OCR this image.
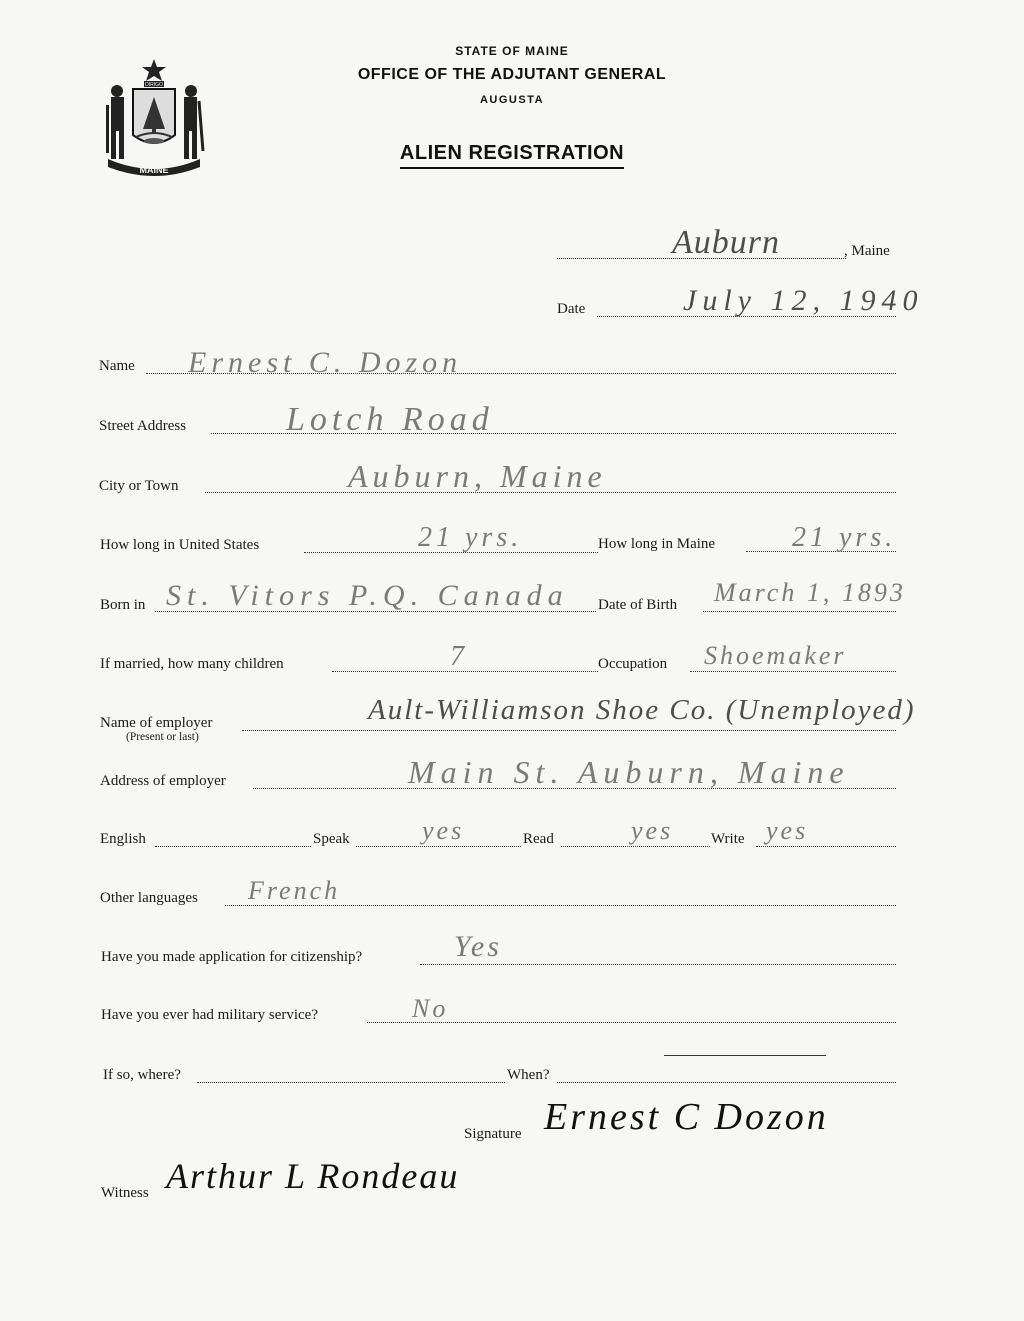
STATE OF MAINE
OFFICE OF THE ADJUTANT GENERAL
AUGUSTA
ALIEN REGISTRATION
DIRIGO
MAINE
Auburn	, Maine
Date	July 12, 1940
Name Ernest C. Dozon
Street Address	Lotch Road
City or Town	Auburn, Maine
How long in United States	21 yrs.	How long in Maine	21 yrs.
Born in St. Vitors P.Q. Canada Date of Birth March 1, 1893
If married, how many children	7	Occupation Shoemaker
Name of employer
(Present or last)
Ault-Williamson Shoe Co. (Unemployed)
Address of employer	Main St. Auburn, Maine
English	Speak	yes	Read	yes	Write yes
Other languages French
Have you made application for citizenship?	Yes
Have you ever had military service?	No
If so, where?	When?
Signature Ernest C Dozon
Witness Arthur L Rondeau
